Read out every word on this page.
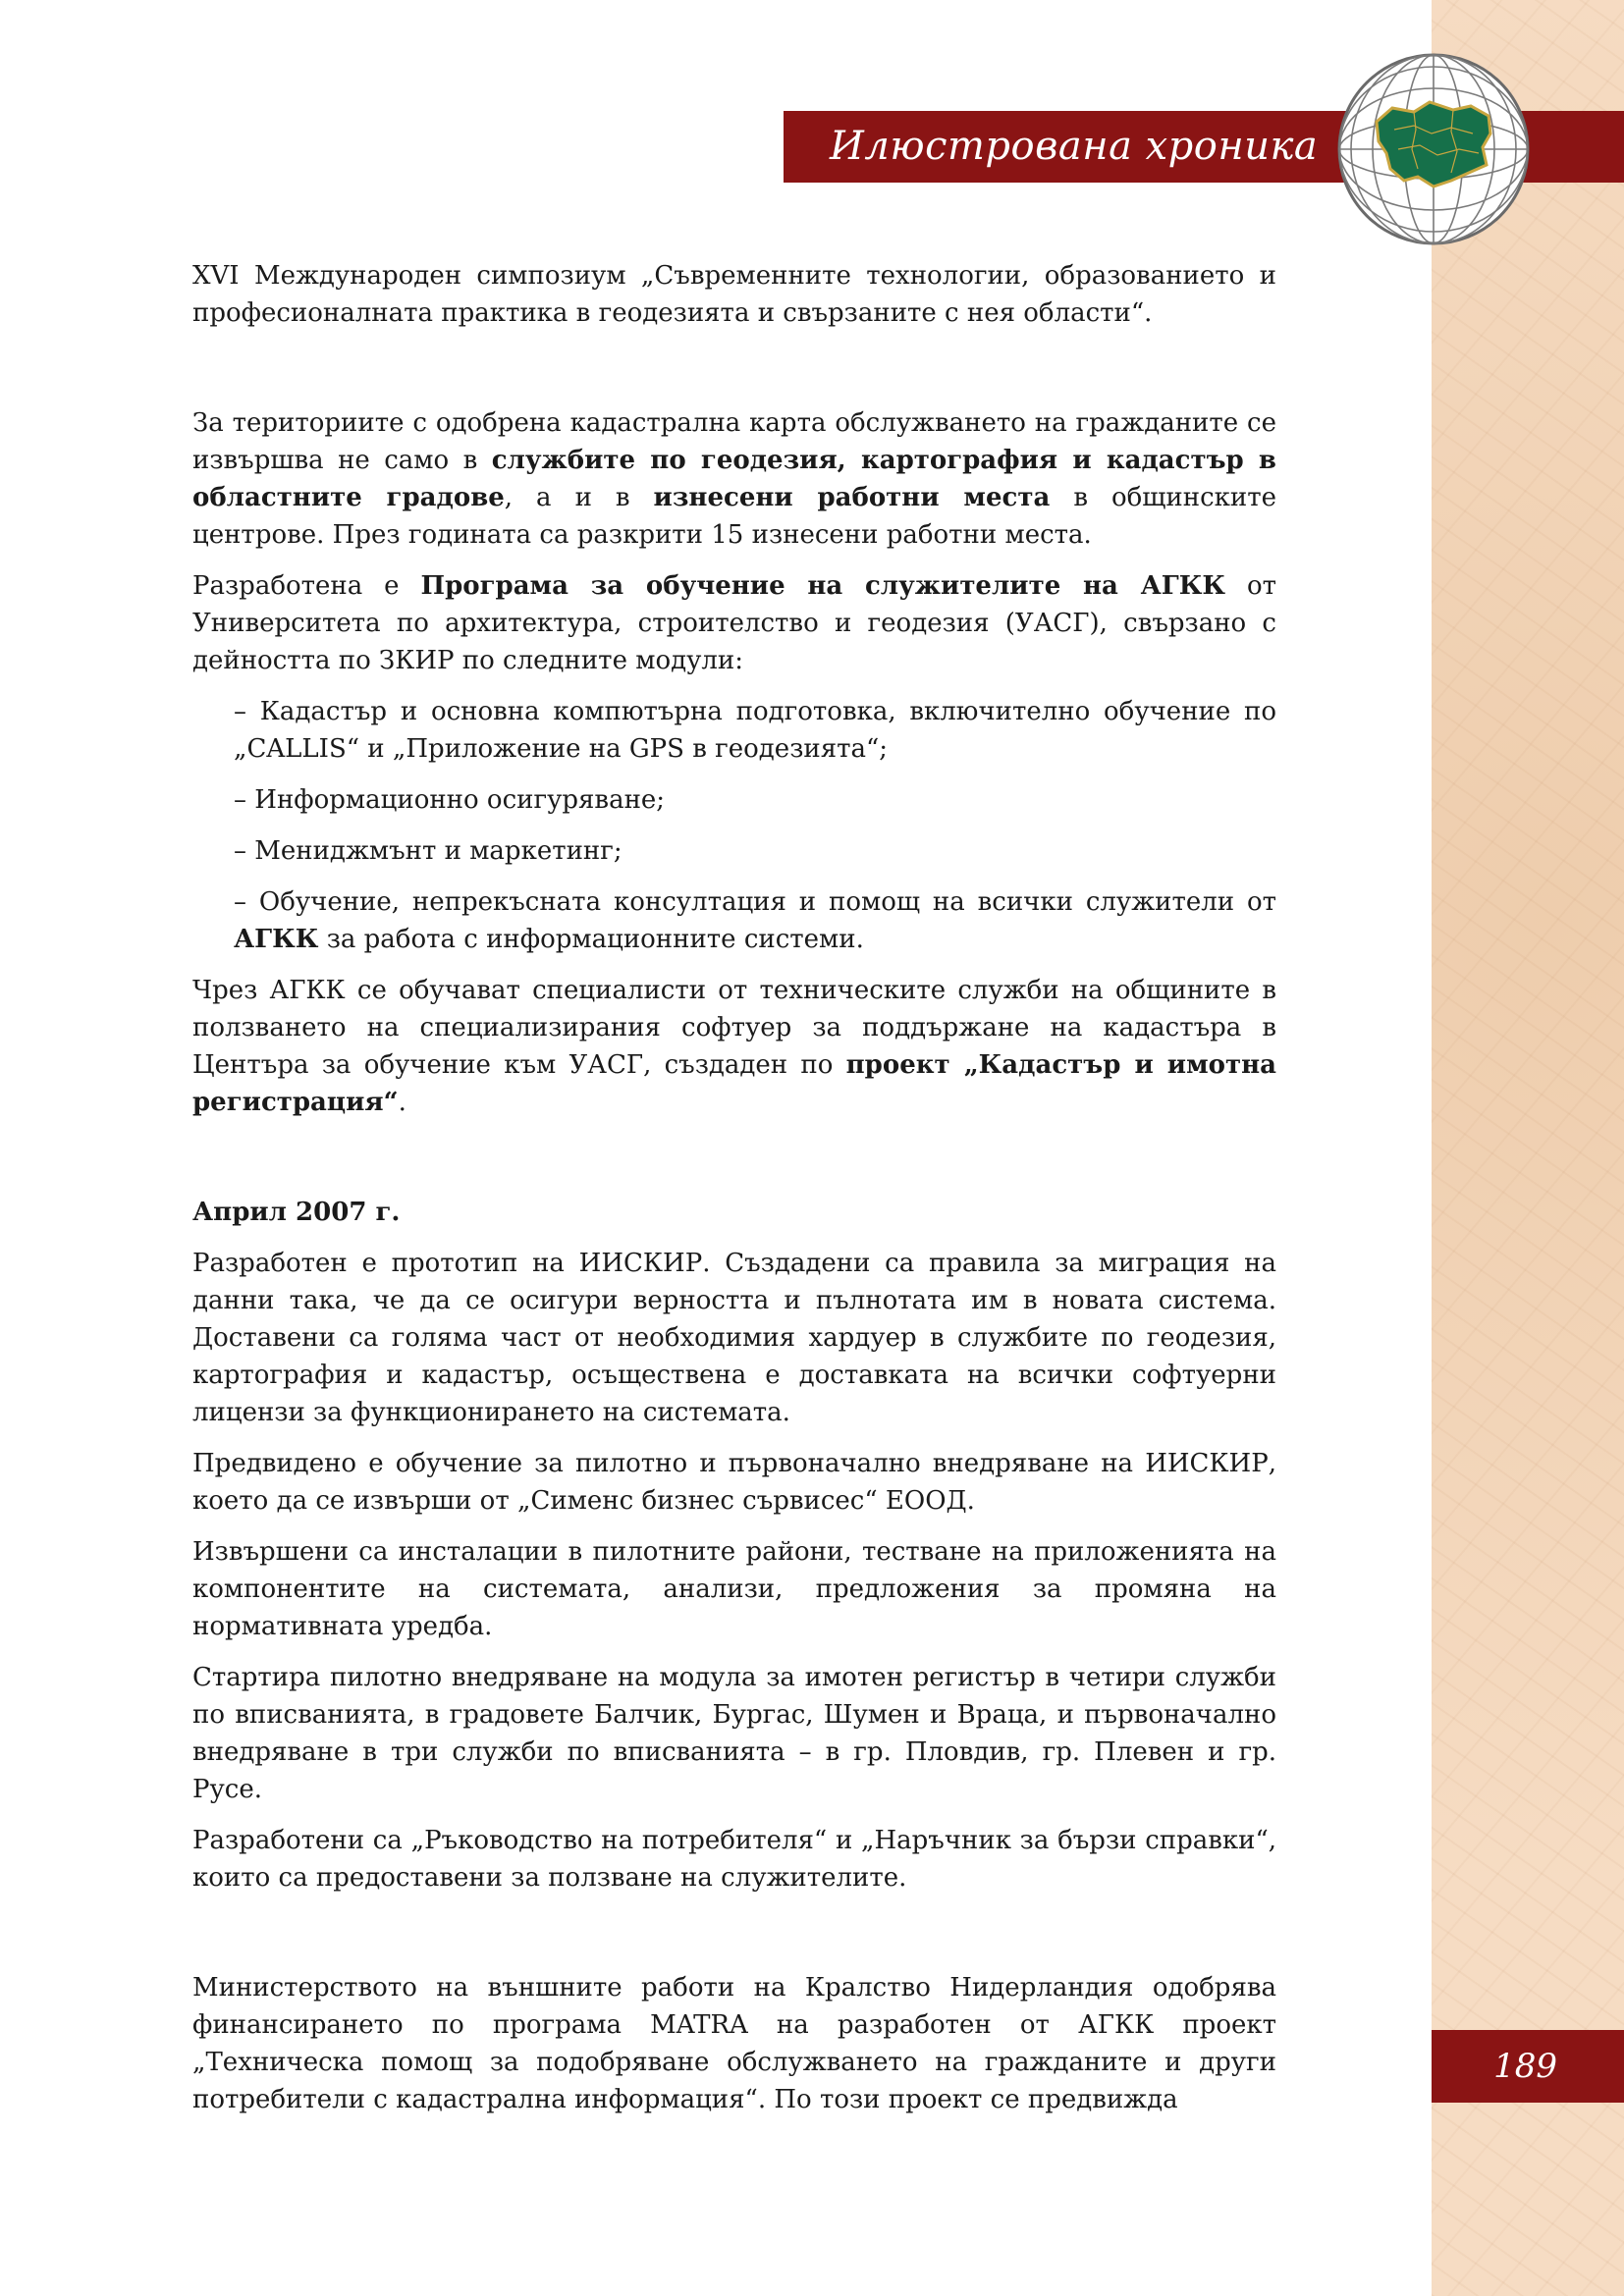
Илюстрована хроника
189

XVI Международен симпозиум „Съвременните технологии, образованието и професионалната практика в геодезията и свързаните с нея области“.

За териториите с одобрена кадастрална карта обслужването на гражданите се извършва не само в службите по геодезия, картография и кадастър в областните градове, а и в изнесени работни места в общинските центрове. През годината са разкрити 15 изнесени работни места.

Разработена е Програма за обучение на служителите на АГКК от Университета по архитектура, строителство и геодезия (УАСГ), свързано с дейността по ЗКИР по следните модули:

– Кадастър и основна компютърна подготовка, включително обучение по „CALLIS“ и „Приложение на GPS в геодезията“;

– Информационно осигуряване;

– Мениджмънт и маркетинг;

– Обучение, непрекъсната консултация и помощ на всички служители от АГКК за работа с информационните системи.

Чрез АГКК се обучават специалисти от техническите служби на общините в ползването на специализирания софтуер за поддържане на кадастъра в Центъра за обучение към УАСГ, създаден по проект „Кадастър и имотна регистрация“.

Април 2007 г.

Разработен е прототип на ИИСКИР. Създадени са правила за миграция на данни така, че да се осигури верността и пълнотата им в новата система. Доставени са голяма част от необходимия хардуер в службите по геодезия, картография и кадастър, осъществена е доставката на всички софтуерни лицензи за функционирането на системата.

Предвидено е обучение за пилотно и първоначално внедряване на ИИСКИР, което да се извърши от „Сименс бизнес сървисес“ ЕООД.

Извършени са инсталации в пилотните райони, тестване на приложенията на компонентите на системата, анализи, предложения за промяна на нормативната уредба.

Стартира пилотно внедряване на модула за имотен регистър в четири служби по вписванията, в градовете Балчик, Бургас, Шумен и Враца, и първоначално внедряване в три служби по вписванията – в гр. Пловдив, гр. Плевен и гр. Русе.

Разработени са „Ръководство на потребителя“ и „Наръчник за бързи справки“, които са предоставени за ползване на служителите.

Министерството на външните работи на Кралство Нидерландия одобрява финансирането по програма MATRA на разработен от АГКК проект „Техническа помощ за подобряване обслужването на гражданите и други потребители с кадастрална информация“. По този проект се предвижда
